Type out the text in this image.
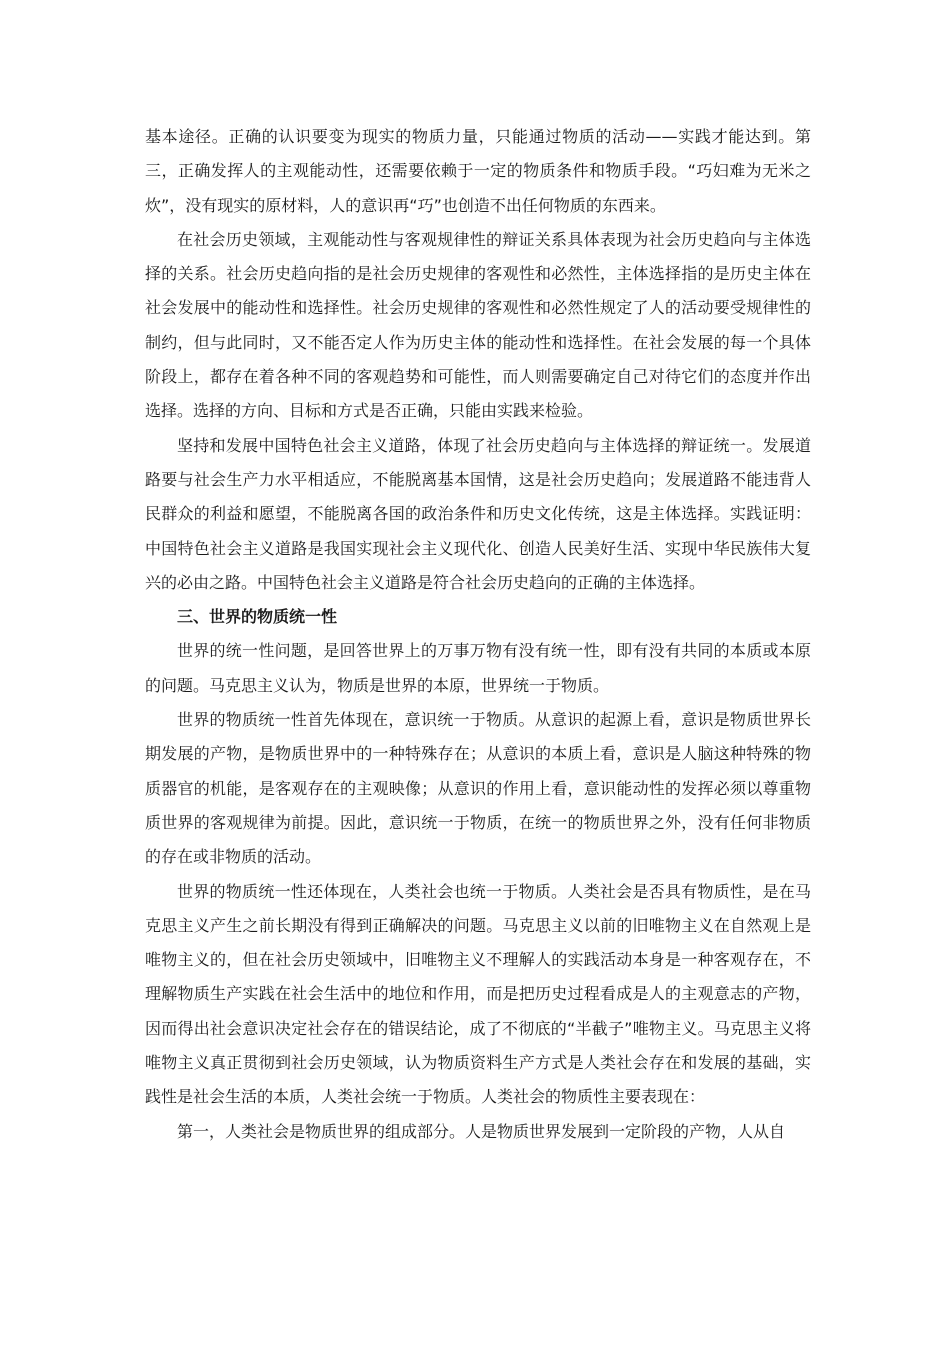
基本途径。正确的认识要变为现实的物质力量，只能通过物质的活动——实践才能达到。第三，正确发挥人的主观能动性，还需要依赖于一定的物质条件和物质手段。“巧妇难为无米之炊”，没有现实的原材料，人的意识再“巧”也创造不出任何物质的东西来。

在社会历史领域，主观能动性与客观规律性的辩证关系具体表现为社会历史趋向与主体选择的关系。社会历史趋向指的是社会历史规律的客观性和必然性，主体选择指的是历史主体在社会发展中的能动性和选择性。社会历史规律的客观性和必然性规定了人的活动要受规律性的制约，但与此同时，又不能否定人作为历史主体的能动性和选择性。在社会发展的每一个具体阶段上，都存在着各种不同的客观趋势和可能性，而人则需要确定自己对待它们的态度并作出选择。选择的方向、目标和方式是否正确，只能由实践来检验。

坚持和发展中国特色社会主义道路，体现了社会历史趋向与主体选择的辩证统一。发展道路要与社会生产力水平相适应，不能脱离基本国情，这是社会历史趋向；发展道路不能违背人民群众的利益和愿望，不能脱离各国的政治条件和历史文化传统，这是主体选择。实践证明：中国特色社会主义道路是我国实现社会主义现代化、创造人民美好生活、实现中华民族伟大复兴的必由之路。中国特色社会主义道路是符合社会历史趋向的正确的主体选择。

三、世界的物质统一性

世界的统一性问题，是回答世界上的万事万物有没有统一性，即有没有共同的本质或本原的问题。马克思主义认为，物质是世界的本原，世界统一于物质。

世界的物质统一性首先体现在，意识统一于物质。从意识的起源上看，意识是物质世界长期发展的产物，是物质世界中的一种特殊存在；从意识的本质上看，意识是人脑这种特殊的物质器官的机能，是客观存在的主观映像；从意识的作用上看，意识能动性的发挥必须以尊重物质世界的客观规律为前提。因此，意识统一于物质，在统一的物质世界之外，没有任何非物质的存在或非物质的活动。

世界的物质统一性还体现在，人类社会也统一于物质。人类社会是否具有物质性，是在马克思主义产生之前长期没有得到正确解决的问题。马克思主义以前的旧唯物主义在自然观上是唯物主义的，但在社会历史领域中，旧唯物主义不理解人的实践活动本身是一种客观存在，不理解物质生产实践在社会生活中的地位和作用，而是把历史过程看成是人的主观意志的产物，因而得出社会意识决定社会存在的错误结论，成了不彻底的“半截子”唯物主义。马克思主义将唯物主义真正贯彻到社会历史领域，认为物质资料生产方式是人类社会存在和发展的基础，实践性是社会生活的本质，人类社会统一于物质。人类社会的物质性主要表现在：

第一，人类社会是物质世界的组成部分。人是物质世界发展到一定阶段的产物，人从自
